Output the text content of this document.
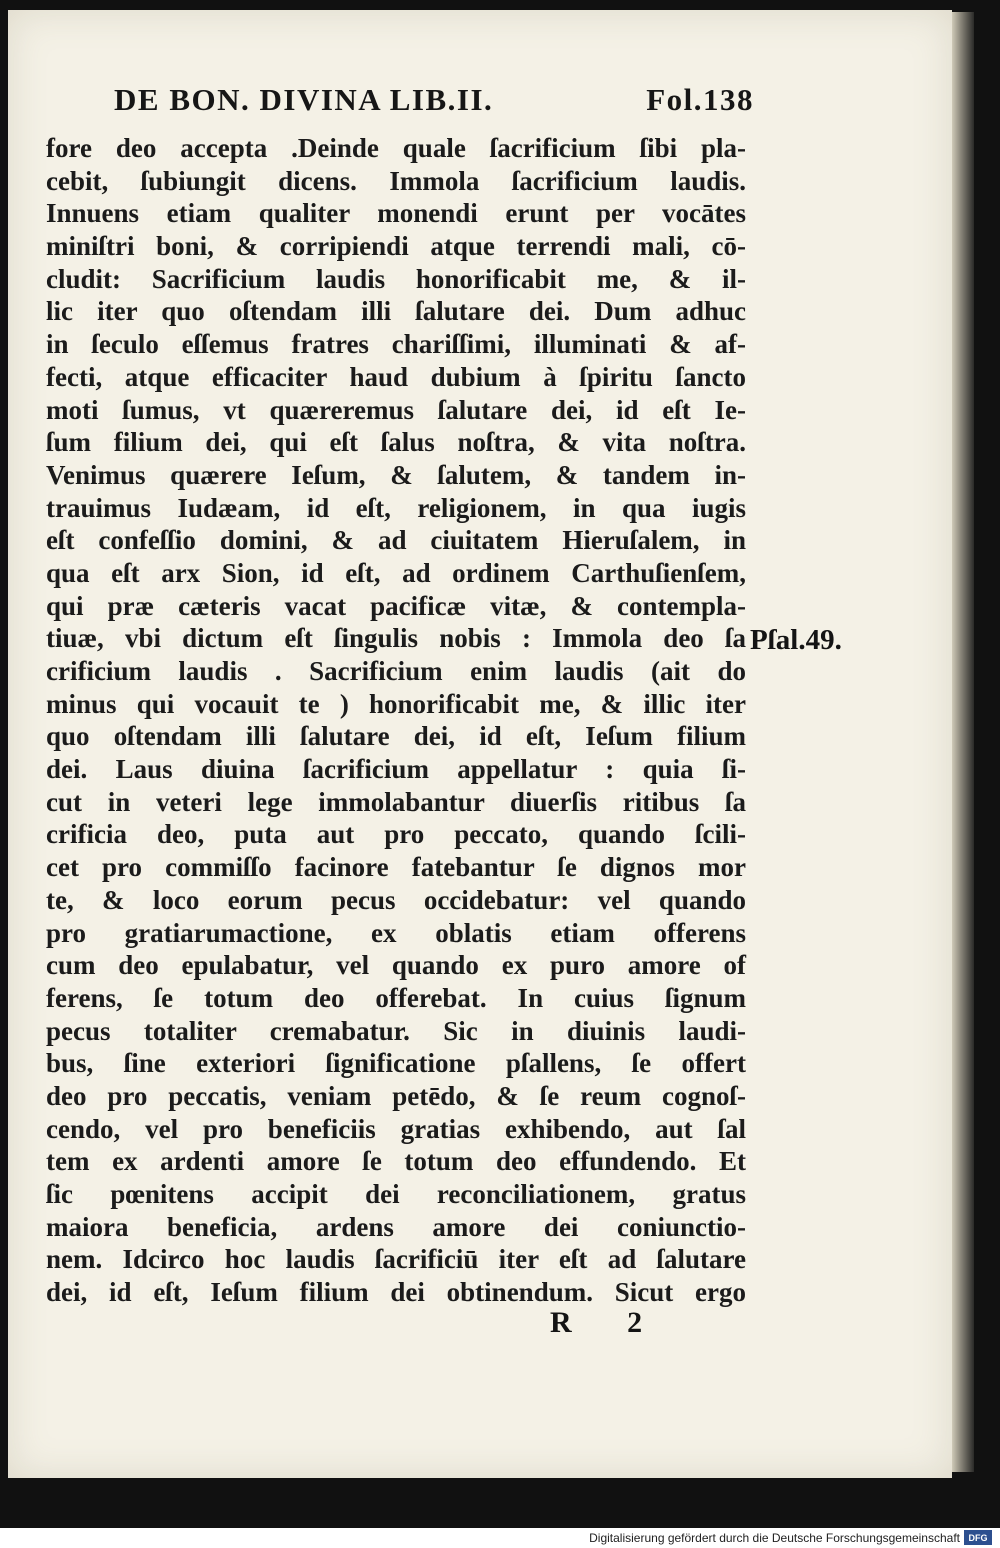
DE BON. DIVINA LIB.II.	Fol.138
fore deo accepta .Deinde quale ſacrificium ſibi pla-
cebit, ſubiungit dicens. Immola ſacrificium laudis.
Innuens etiam qualiter monendi erunt per vocātes
miniſtri boni, & corripiendi atque terrendi mali, cō-
cludit: Sacrificium laudis honorificabit me, & il-
lic iter quo oſtendam illi ſalutare dei. Dum adhuc
in ſeculo eſſemus fratres chariſſimi, illuminati & af-
fecti, atque efficaciter haud dubium à ſpiritu ſancto
moti ſumus, vt quæreremus ſalutare dei, id eſt Ie-
ſum filium dei, qui eſt ſalus noſtra, & vita noſtra.
Venimus quærere Ieſum, & ſalutem, & tandem in-
trauimus Iudæam, id eſt, religionem, in qua iugis
eſt confeſſio domini, & ad ciuitatem Hieruſalem, in
qua eſt arx Sion, id eſt, ad ordinem Carthuſienſem,
qui præ cæteris vacat pacificæ vitæ, & contempla-
tiuæ, vbi dictum eſt ſingulis nobis : Immola deo ſa
crificium laudis . Sacrificium enim laudis (ait do
minus qui vocauit te ) honorificabit me, & illic iter
quo oſtendam illi ſalutare dei, id eſt, Ieſum filium
dei. Laus diuina ſacrificium appellatur : quia ſi-
cut in veteri lege immolabantur diuerſis ritibus ſa
crificia deo, puta aut pro peccato, quando ſcili-
cet pro commiſſo facinore fatebantur ſe dignos mor
te, & loco eorum pecus occidebatur: vel quando
pro gratiarumactione, ex oblatis etiam offerens
cum deo epulabatur, vel quando ex puro amore of
ferens, ſe totum deo offerebat. In cuius ſignum
pecus totaliter cremabatur. Sic in diuinis laudi-
bus, ſine exteriori ſignificatione pſallens, ſe offert
deo pro peccatis, veniam petēdo, & ſe reum cognoſ-
cendo, vel pro beneficiis gratias exhibendo, aut ſal
tem ex ardenti amore ſe totum deo effundendo. Et
ſic pœnitens accipit dei reconciliationem, gratus
maiora beneficia, ardens amore dei coniunctio-
nem. Idcirco hoc laudis ſacrificiū iter eſt ad ſalutare
dei, id eſt, Ieſum filium dei obtinendum. Sicut ergo
Pſal.49.
R 2
Digitalisierung gefördert durch die Deutsche Forschungsgemeinschaft DFG
